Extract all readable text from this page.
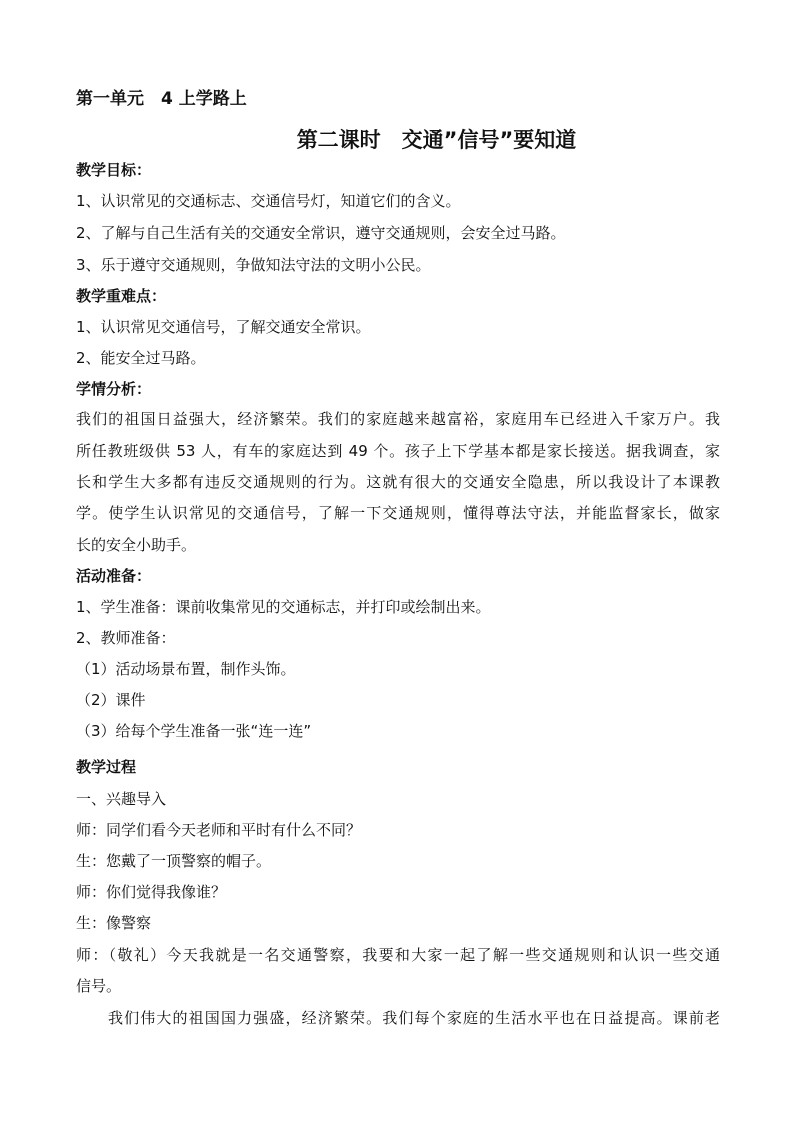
第一单元　4 上学路上
第二课时　交通”信号”要知道
教学目标：
1、认识常见的交通标志、交通信号灯，知道它们的含义。
2、了解与自己生活有关的交通安全常识，遵守交通规则，会安全过马路。
3、乐于遵守交通规则，争做知法守法的文明小公民。
教学重难点：
1、认识常见交通信号，了解交通安全常识。
2、能安全过马路。
学情分析：
我们的祖国日益强大，经济繁荣。我们的家庭越来越富裕，家庭用车已经进入千家万户。我
所任教班级供 53 人，有车的家庭达到 49 个。孩子上下学基本都是家长接送。据我调查，家
长和学生大多都有违反交通规则的行为。这就有很大的交通安全隐患，所以我设计了本课教
学。使学生认识常见的交通信号，了解一下交通规则，懂得尊法守法，并能监督家长，做家
长的安全小助手。
活动准备：
1、学生准备：课前收集常见的交通标志，并打印或绘制出来。
2、教师准备：
（1）活动场景布置，制作头饰。
（2）课件
（3）给每个学生准备一张“连一连”
教学过程
一、兴趣导入
师：同学们看今天老师和平时有什么不同？
生：您戴了一顶警察的帽子。
师：你们觉得我像谁？
生：像警察
师：（敬礼）今天我就是一名交通警察，我要和大家一起了解一些交通规则和认识一些交通
信号。
我们伟大的祖国国力强盛，经济繁荣。我们每个家庭的生活水平也在日益提高。课前老
